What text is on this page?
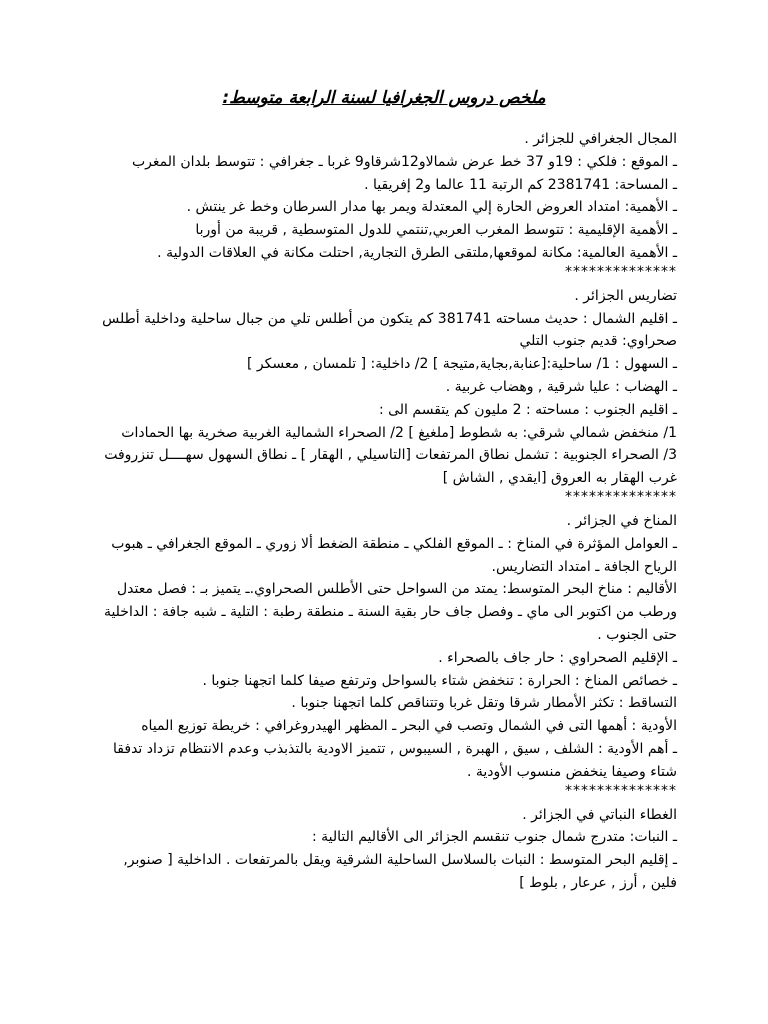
ملخص دروس الجغرافيا لسنة الرابعة متوسط:

المجال الجغرافي للجزائر .

ـ الموقع : فلكي : 19و 37 خط عرض شمالاو12شرقاو9 غربا ـ جغرافي : تتوسط بلدان المغرب

ـ المساحة: 2381741 كم الرتبة 11 عالما و2 إفريقيا .

ـ الأهمية: امتداد العروض الحارة إلي المعتدلة ويمر بها مدار السرطان وخط غر ينتش .

ـ الأهمية الإقليمية : تتوسط المغرب العربي,تنتمي للدول المتوسطية , قريبة من أوربا

ـ الأهمية العالمية: مكانة لموقعها,ملتقى الطرق التجارية, احتلت مكانة في العلاقات الدولية .

**************

تضاريس الجزائر .

ـ اقليم الشمال : حديث مساحته 381741 كم يتكون من أطلس تلي من جبال ساحلية وداخلية أطلس صحراوي: قديم جنوب التلي

ـ السهول : 1/ ساحلية:[عنابة,بجاية,متيجة ] 2/ داخلية: [ تلمسان , معسكر ]

ـ الهضاب : عليا شرقية , وهضاب غربية .

ـ اقليم الجنوب : مساحته : 2 مليون كم يتقسم الى :

1/ منخفض شمالي شرقي: به شطوط [ملغيغ ] 2/ الصحراء الشمالية الغربية صخرية بها الحمادات

3/ الصحراء الجنوبية : تشمل نطاق المرتفعات [التاسيلي , الهقار ] ـ نطاق السهول سهــــل تنزروفت غرب الهقار به العروق [ايقدي , الشاش ]

**************

المناخ في الجزائر .

ـ العوامل المؤثرة في المناخ : ـ الموقع الفلكي ـ منطقة الضغط ألا زوري ـ الموقع الجغرافي ـ هبوب الرياح الجافة ـ امتداد التضاريس.

الأقاليم : مناخ البحر المتوسط: يمتد من السواحل حتى الأطلس الصحراوي.ـ يتميز بـ : فصل معتدل ورطب من اكتوبر الى ماي ـ وفصل جاف حار بقية السنة ـ منطقة رطبة : التلية ـ شبه جافة : الداخلية حتى الجنوب .

ـ الإقليم الصحراوي : حار جاف بالصحراء .

ـ خصائص المناخ : الحرارة : تنخفض شتاء بالسواحل وترتفع صيفا كلما اتجهنا جنوبا .

التساقط : تكثر الأمطار شرقا وتقل غربا وتتناقص كلما اتجهنا جنوبا .

الأودية : أهمها التى في الشمال وتصب في البحر ـ المظهر الهيدروغرافي : خريطة توزيع المياه

ـ أهم الأودية : الشلف , سيق , الهبرة , السيبوس , تتميز الاودية بالتذبذب وعدم الانتظام تزداد تدفقا شتاء وصيفا ينخفض منسوب الأودية .

**************

الغطاء النباتي في الجزائر .

ـ النبات: متدرج شمال جنوب تنقسم الجزائر الى الأقاليم التالية :

ـ إقليم البحر المتوسط : النبات بالسلاسل الساحلية الشرقية ويقل بالمرتفعات . الداخلية [ صنوبر,

فلين , أرز , عرعار , بلوط ]
